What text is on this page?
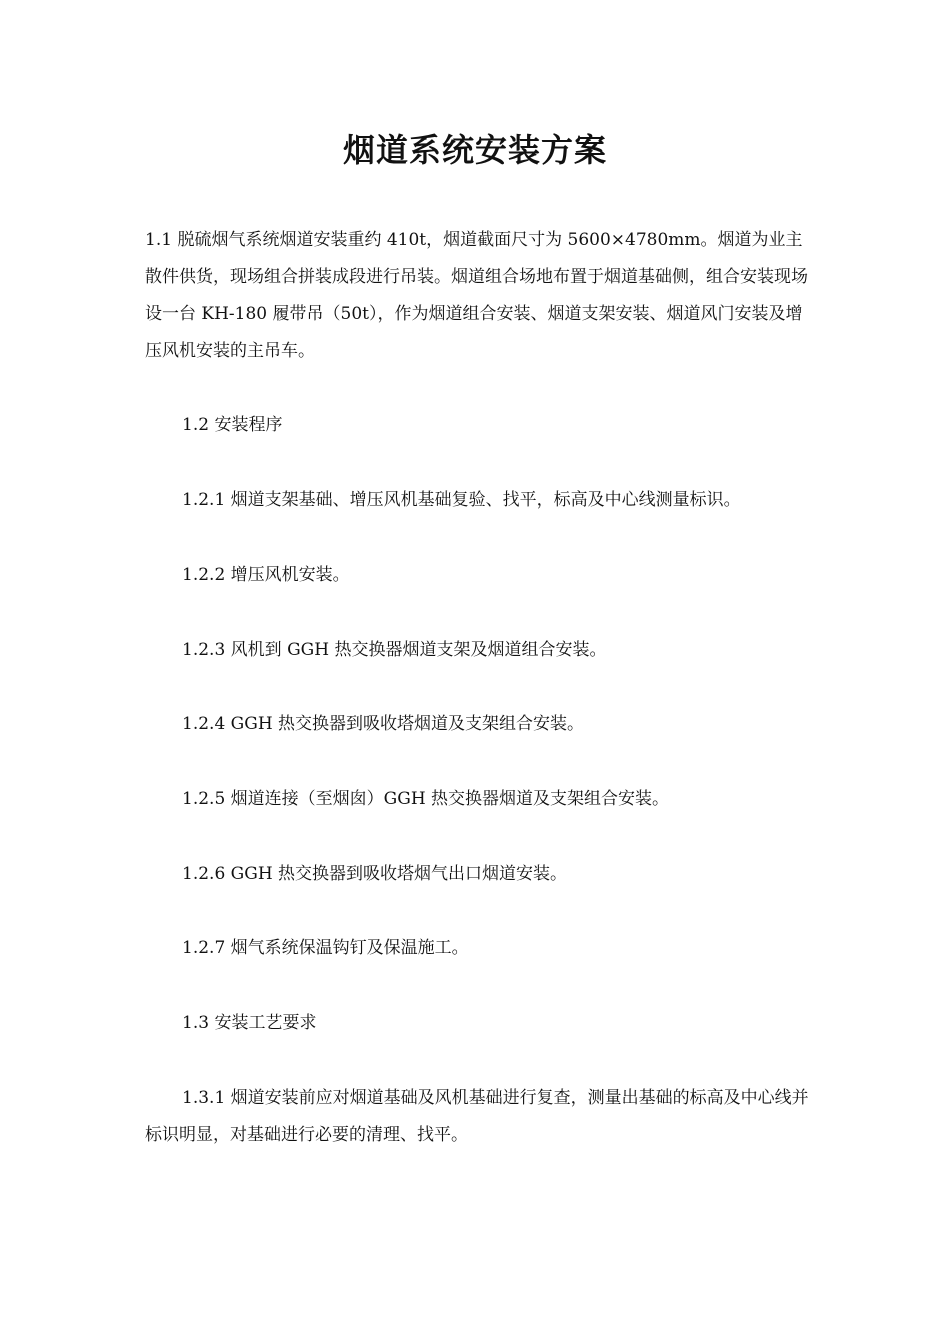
烟道系统安装方案

1.1 脱硫烟气系统烟道安装重约 410t，烟道截面尺寸为 5600×4780mm。烟道为业主散件供货，现场组合拼装成段进行吊装。烟道组合场地布置于烟道基础侧，组合安装现场设一台 KH-180 履带吊（50t），作为烟道组合安装、烟道支架安装、烟道风门安装及增压风机安装的主吊车。

1.2 安装程序

1.2.1 烟道支架基础、增压风机基础复验、找平，标高及中心线测量标识。

1.2.2 增压风机安装。

1.2.3 风机到 GGH 热交换器烟道支架及烟道组合安装。

1.2.4 GGH 热交换器到吸收塔烟道及支架组合安装。

1.2.5 烟道连接（至烟囱）GGH 热交换器烟道及支架组合安装。

1.2.6 GGH 热交换器到吸收塔烟气出口烟道安装。

1.2.7 烟气系统保温钩钉及保温施工。

1.3 安装工艺要求

1.3.1 烟道安装前应对烟道基础及风机基础进行复查，测量出基础的标高及中心线并标识明显，对基础进行必要的清理、找平。
